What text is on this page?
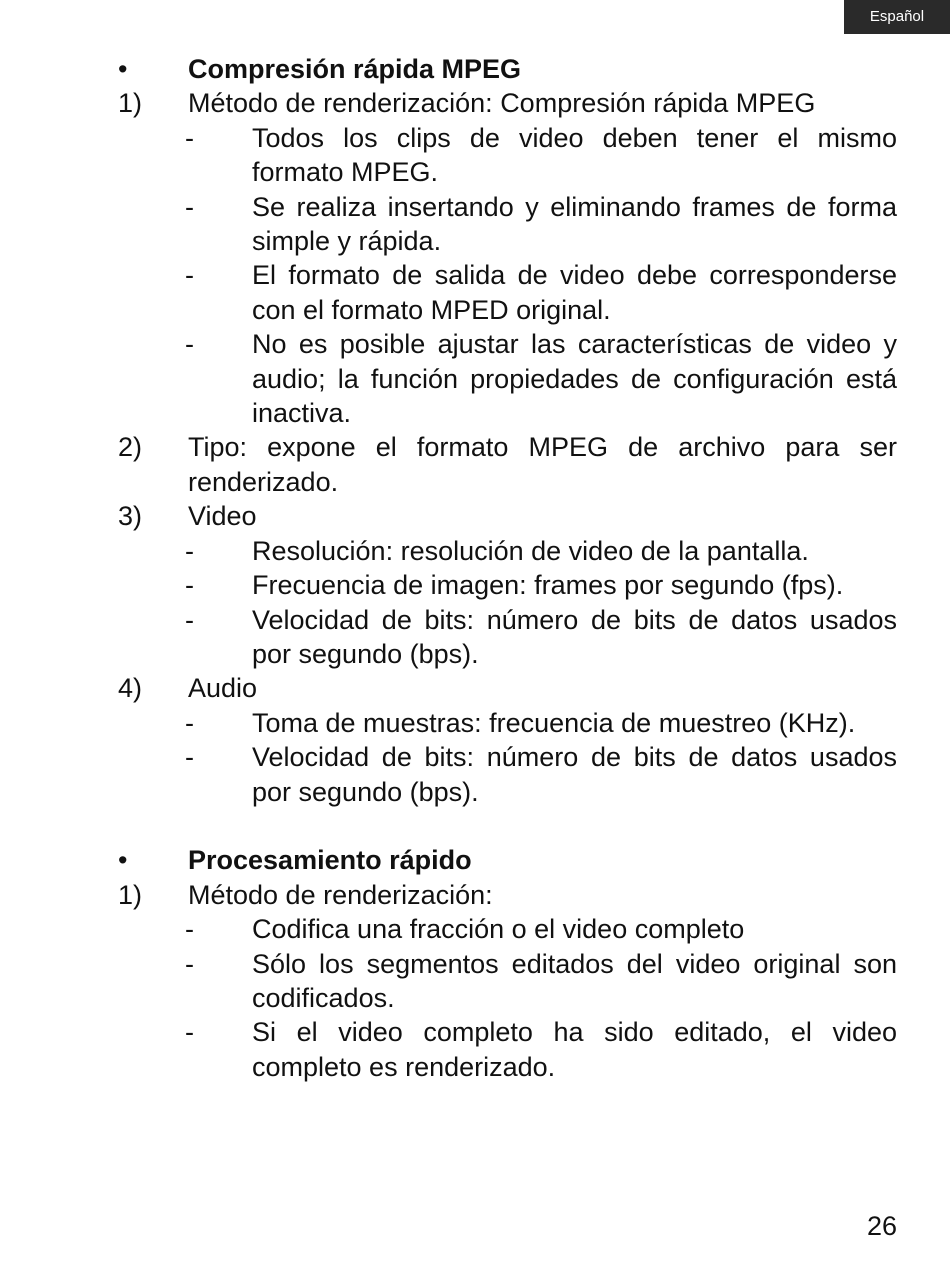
Español
• Compresión rápida MPEG
1) Método de renderización: Compresión rápida MPEG
- Todos los clips de video deben tener el mismo formato MPEG.
- Se realiza insertando y eliminando frames de forma simple y rápida.
- El formato de salida de video debe corresponderse con el formato MPED original.
- No es posible ajustar las características de video y audio; la función propiedades de configuración está inactiva.
2) Tipo: expone el formato MPEG de archivo para ser renderizado.
3) Video
- Resolución: resolución de video de la pantalla.
- Frecuencia de imagen: frames por segundo (fps).
- Velocidad de bits: número de bits de datos usados por segundo (bps).
4) Audio
- Toma de muestras: frecuencia de muestreo (KHz).
- Velocidad de bits: número de bits de datos usados por segundo (bps).
• Procesamiento rápido
1) Método de renderización:
- Codifica una fracción o el video completo
- Sólo los segmentos editados del video original son codificados.
- Si el video completo ha sido editado, el video completo es renderizado.
26
